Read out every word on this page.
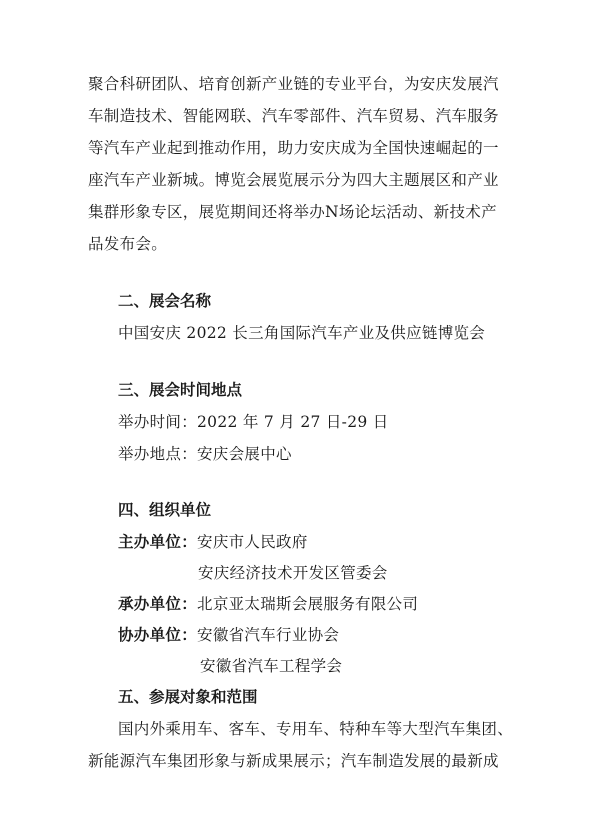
聚合科研团队、培育创新产业链的专业平台，为安庆发展汽
车制造技术、智能网联、汽车零部件、汽车贸易、汽车服务
等汽车产业起到推动作用，助力安庆成为全国快速崛起的一
座汽车产业新城。博览会展览展示分为四大主题展区和产业
集群形象专区，展览期间还将举办N场论坛活动、新技术产
品发布会。
二、展会名称
中国安庆 2022 长三角国际汽车产业及供应链博览会
三、展会时间地点
举办时间：2022 年 7 月 27 日-29 日
举办地点：安庆会展中心
四、组织单位
主办单位：安庆市人民政府
安庆经济技术开发区管委会
承办单位：北京亚太瑞斯会展服务有限公司
协办单位：安徽省汽车行业协会
安徽省汽车工程学会
五、参展对象和范围
国内外乘用车、客车、专用车、特种车等大型汽车集团、
新能源汽车集团形象与新成果展示；汽车制造发展的最新成
